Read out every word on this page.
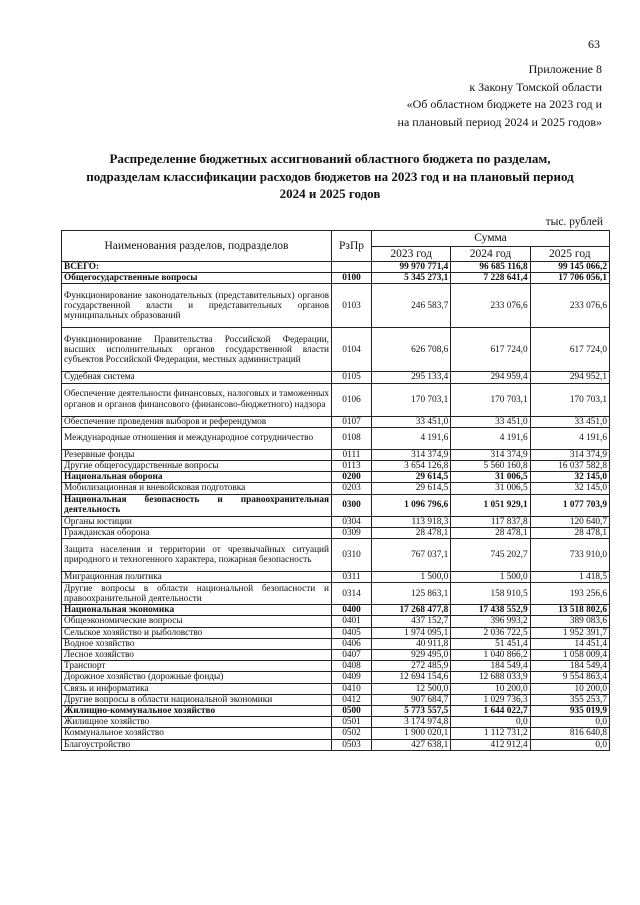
63
Приложение 8
к Закону Томской области
«Об областном бюджете на 2023 год и
на плановый период 2024 и 2025 годов»
Распределение бюджетных ассигнований областного бюджета по разделам,
подразделам классификации расходов бюджетов на 2023 год и на плановый период
2024 и 2025 годов
тыс. рублей
Наименования разделов, подразделов	РзПр	Сумма		
		2023 год	2024 год	2025 год
ВСЕГО:		99 970 771,4	96 685 116,8	99 145 066,2
Общегосударственные вопросы	0100	5 345 273,1	7 228 641,4	17 706 056,1
Функционирование законодательных (представительных) органов государственной власти и представительных органов муниципальных образований	0103	246 583,7	233 076,6	233 076,6
Функционирование Правительства Российской Федерации, высших исполнительных органов государственной власти субъектов Российской Федерации, местных администраций	0104	626 708,6	617 724,0	617 724,0
Судебная система	0105	295 133,4	294 959,4	294 952,1
Обеспечение деятельности финансовых, налоговых и таможенных органов и органов финансового (финансово-бюджетного) надзора	0106	170 703,1	170 703,1	170 703,1
Обеспечение проведения выборов и референдумов	0107	33 451,0	33 451,0	33 451,0
Международные отношения и международное сотрудничество	0108	4 191,6	4 191,6	4 191,6
Резервные фонды	0111	314 374,9	314 374,9	314 374,9
Другие общегосударственные вопросы	0113	3 654 126,8	5 560 160,8	16 037 582,8
Национальная оборона	0200	29 614,5	31 006,5	32 145,0
Мобилизационная и вневойсковая подготовка	0203	29 614,5	31 006,5	32 145,0
Национальная безопасность и правоохранительная деятельность	0300	1 096 796,6	1 051 929,1	1 077 703,9
Органы юстиции	0304	113 918,3	117 837,8	120 640,7
Гражданская оборона	0309	28 478,1	28 478,1	28 478,1
Защита населения и территории от чрезвычайных ситуаций природного и техногенного характера, пожарная безопасность	0310	767 037,1	745 202,7	733 910,0
Миграционная политика	0311	1 500,0	1 500,0	1 418,5
Другие вопросы в области национальной безопасности и правоохранительной деятельности	0314	125 863,1	158 910,5	193 256,6
Национальная экономика	0400	17 268 477,8	17 438 552,9	13 518 802,6
Общеэкономические вопросы	0401	437 152,7	396 993,2	389 083,6
Сельское хозяйство и рыболовство	0405	1 974 095,1	2 036 722,5	1 952 391,7
Водное хозяйство	0406	40 911,8	51 451,4	14 451,4
Лесное хозяйство	0407	929 495,0	1 040 866,2	1 058 009,4
Транспорт	0408	272 485,9	184 549,4	184 549,4
Дорожное хозяйство (дорожные фонды)	0409	12 694 154,6	12 688 033,9	9 554 863,4
Связь и информатика	0410	12 500,0	10 200,0	10 200,0
Другие вопросы в области национальной экономики	0412	907 684,7	1 029 736,3	355 253,7
Жилищно-коммунальное хозяйство	0500	5 773 557,5	1 644 022,7	935 019,9
Жилищное хозяйство	0501	3 174 974,8	0,0	0,0
Коммунальное хозяйство	0502	1 900 020,1	1 112 731,2	816 640,8
Благоустройство	0503	427 638,1	412 912,4	0,0
